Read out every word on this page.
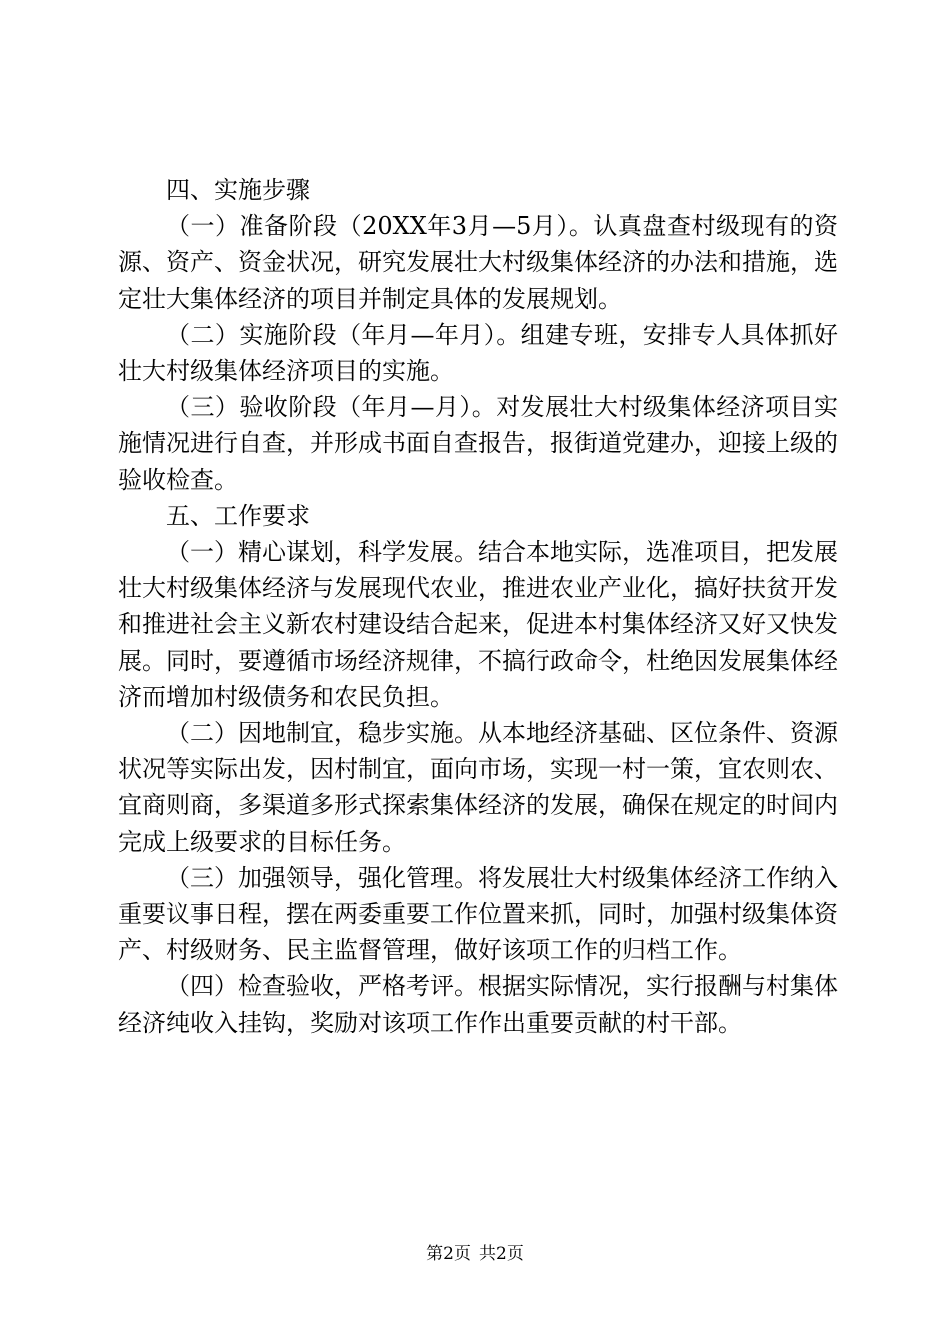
四、实施步骤

（一）准备阶段（20XX年3月—5月）。认真盘查村级现有的资源、资产、资金状况，研究发展壮大村级集体经济的办法和措施，选定壮大集体经济的项目并制定具体的发展规划。

（二）实施阶段（年月—年月）。组建专班，安排专人具体抓好壮大村级集体经济项目的实施。

（三）验收阶段（年月—月）。对发展壮大村级集体经济项目实施情况进行自查，并形成书面自查报告，报街道党建办，迎接上级的验收检查。

五、工作要求

（一）精心谋划，科学发展。结合本地实际，选准项目，把发展壮大村级集体经济与发展现代农业，推进农业产业化，搞好扶贫开发和推进社会主义新农村建设结合起来，促进本村集体经济又好又快发展。同时，要遵循市场经济规律，不搞行政命令，杜绝因发展集体经济而增加村级债务和农民负担。

（二）因地制宜，稳步实施。从本地经济基础、区位条件、资源状况等实际出发，因村制宜，面向市场，实现一村一策，宜农则农、宜商则商，多渠道多形式探索集体经济的发展，确保在规定的时间内完成上级要求的目标任务。

（三）加强领导，强化管理。将发展壮大村级集体经济工作纳入重要议事日程，摆在两委重要工作位置来抓，同时，加强村级集体资产、村级财务、民主监督管理，做好该项工作的归档工作。

（四）检查验收，严格考评。根据实际情况，实行报酬与村集体经济纯收入挂钩，奖励对该项工作作出重要贡献的村干部。

第2页 共2页
